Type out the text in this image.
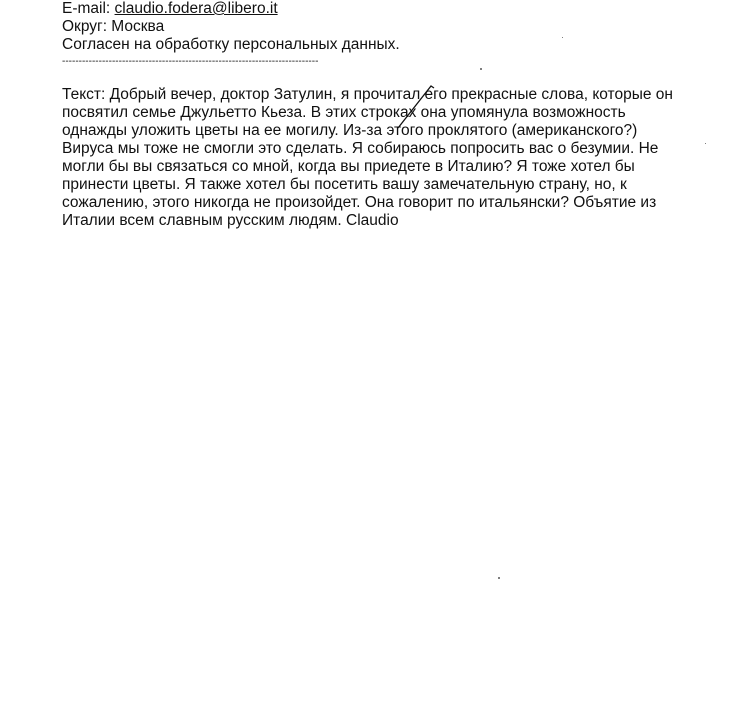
E-mail: claudio.fodera@libero.it
Округ: Москва
Согласен на обработку персональных данных.
-----------------------------------------------------------------------------
Текст: Добрый вечер, доктор Затулин, я прочитал его прекрасные слова, которые он
посвятил семье Джульетто Кьеза. В этих строках она упомянула возможность
однажды уложить цветы на ее могилу. Из-за этого проклятого (американского?)
Вируса мы тоже не смогли это сделать. Я собираюсь попросить вас о безумии. Не
могли бы вы связаться со мной, когда вы приедете в Италию? Я тоже хотел бы
принести цветы. Я также хотел бы посетить вашу замечательную страну, но, к
сожалению, этого никогда не произойдет. Она говорит по итальянски? Объятие из
Италии всем славным русским людям. Claudio
